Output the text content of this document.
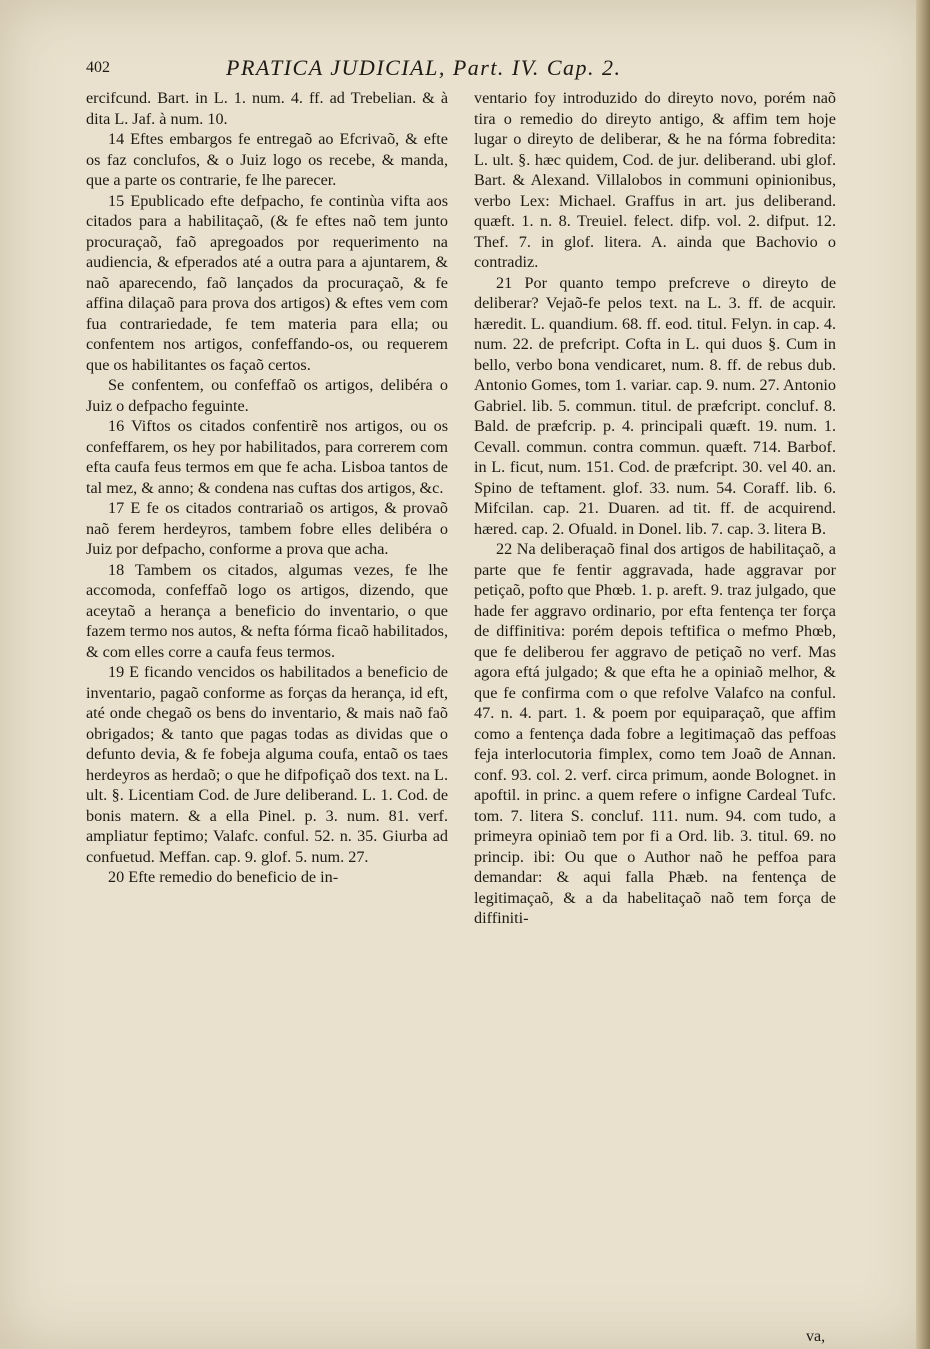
402	PRATICA JUDICIAL, Part. IV. Cap. 2.

ercifcund. Bart. in L. 1. num. 4. ff. ad Trebelian. & à dita L. Jaf. à num. 10.

14 Eftes embargos fe entregaõ ao Efcrivaõ, & efte os faz conclufos, & o Juiz logo os recebe, & manda, que a parte os contrarie, fe lhe parecer.

15 Epublicado efte defpacho, fe continùa vifta aos citados para a habilitaçaõ, (& fe eftes naõ tem junto procuraçaõ, faõ apregoados por requerimento na audiencia, & efperados até a outra para a ajuntarem, & naõ aparecendo, faõ lançados da procuraçaõ, & fe affina dilaçaõ para prova dos artigos) & eftes vem com fua contrariedade, fe tem materia para ella; ou confentem nos artigos, confeffando-os, ou requerem que os habilitantes os façaõ certos.

Se confentem, ou confeffaõ os artigos, delibéra o Juiz o defpacho feguinte.

16 Viftos os citados confentirẽ nos artigos, ou os confeffarem, os hey por habilitados, para correrem com efta caufa feus termos em que fe acha. Lisboa tantos de tal mez, & anno; & condena nas cuftas dos artigos, &c.

17 E fe os citados contrariaõ os artigos, & provaõ naõ ferem herdeyros, tambem fobre elles delibéra o Juiz por defpacho, conforme a prova que acha.

18 Tambem os citados, algumas vezes, fe lhe accomoda, confeffaõ logo os artigos, dizendo, que aceytaõ a herança a beneficio do inventario, o que fazem termo nos autos, & nefta fórma ficaõ habilitados, & com elles corre a caufa feus termos.

19 E ficando vencidos os habilitados a beneficio de inventario, pagaõ conforme as forças da herança, id eft, até onde chegaõ os bens do inventario, & mais naõ faõ obrigados; & tanto que pagas todas as dividas que o defunto devia, & fe fobeja alguma coufa, entaõ os taes herdeyros as herdaõ; o que he difpofiçaõ dos text. na L. ult. §. Licentiam Cod. de Jure deliberand. L. 1. Cod. de bonis matern. & a ella Pinel. p. 3. num. 81. verf. ampliatur feptimo; Valafc. conful. 52. n. 35. Giurba ad confuetud. Meffan. cap. 9. glof. 5. num. 27.

20 Efte remedio do beneficio de in-

ventario foy introduzido do direyto novo, porém naõ tira o remedio do direyto antigo, & affim tem hoje lugar o direyto de deliberar, & he na fórma fobredita: L. ult. §. hæc quidem, Cod. de jur. deliberand. ubi glof. Bart. & Alexand. Villalobos in communi opinionibus, verbo Lex: Michael. Graffus in art. jus deliberand. quæft. 1. n. 8. Treuiel. felect. difp. vol. 2. difput. 12. Thef. 7. in glof. litera. A. ainda que Bachovio o contradiz.

21 Por quanto tempo prefcreve o direyto de deliberar? Vejaõ-fe pelos text. na L. 3. ff. de acquir. hæredit. L. quandium. 68. ff. eod. titul. Felyn. in cap. 4. num. 22. de prefcript. Cofta in L. qui duos §. Cum in bello, verbo bona vendicaret, num. 8. ff. de rebus dub. Antonio Gomes, tom 1. variar. cap. 9. num. 27. Antonio Gabriel. lib. 5. commun. titul. de præfcript. concluf. 8. Bald. de præfcrip. p. 4. principali quæft. 19. num. 1. Cevall. commun. contra commun. quæft. 714. Barbof. in L. ficut, num. 151. Cod. de præfcript. 30. vel 40. an. Spino de teftament. glof. 33. num. 54. Coraff. lib. 6. Mifcilan. cap. 21. Duaren. ad tit. ff. de acquirend. hæred. cap. 2. Ofuald. in Donel. lib. 7. cap. 3. litera B.

22 Na deliberaçaõ final dos artigos de habilitaçaõ, a parte que fe fentir aggravada, hade aggravar por petiçaõ, pofto que Phœb. 1. p. areft. 9. traz julgado, que hade fer aggravo ordinario, por efta fentença ter força de diffinitiva: porém depois teftifica o mefmo Phœb, que fe deliberou fer aggravo de petiçaõ no verf. Mas agora eftá julgado; & que efta he a opiniaõ melhor, & que fe confirma com o que refolve Valafco na conful. 47. n. 4. part. 1. & poem por equiparaçaõ, que affim como a fentença dada fobre a legitimaçaõ das peffoas feja interlocutoria fimplex, como tem Joaõ de Annan. conf. 93. col. 2. verf. circa primum, aonde Bolognet. in apoftil. in princ. a quem refere o infigne Cardeal Tufc. tom. 7. litera S. concluf. 111. num. 94. com tudo, a primeyra opiniaõ tem por fi a Ord. lib. 3. titul. 69. no princip. ibi: Ou que o Author naõ he peffoa para demandar: & aqui falla Phæb. na fentença de legitimaçaõ, & a da habelitaçaõ naõ tem força de diffiniti-

va,
